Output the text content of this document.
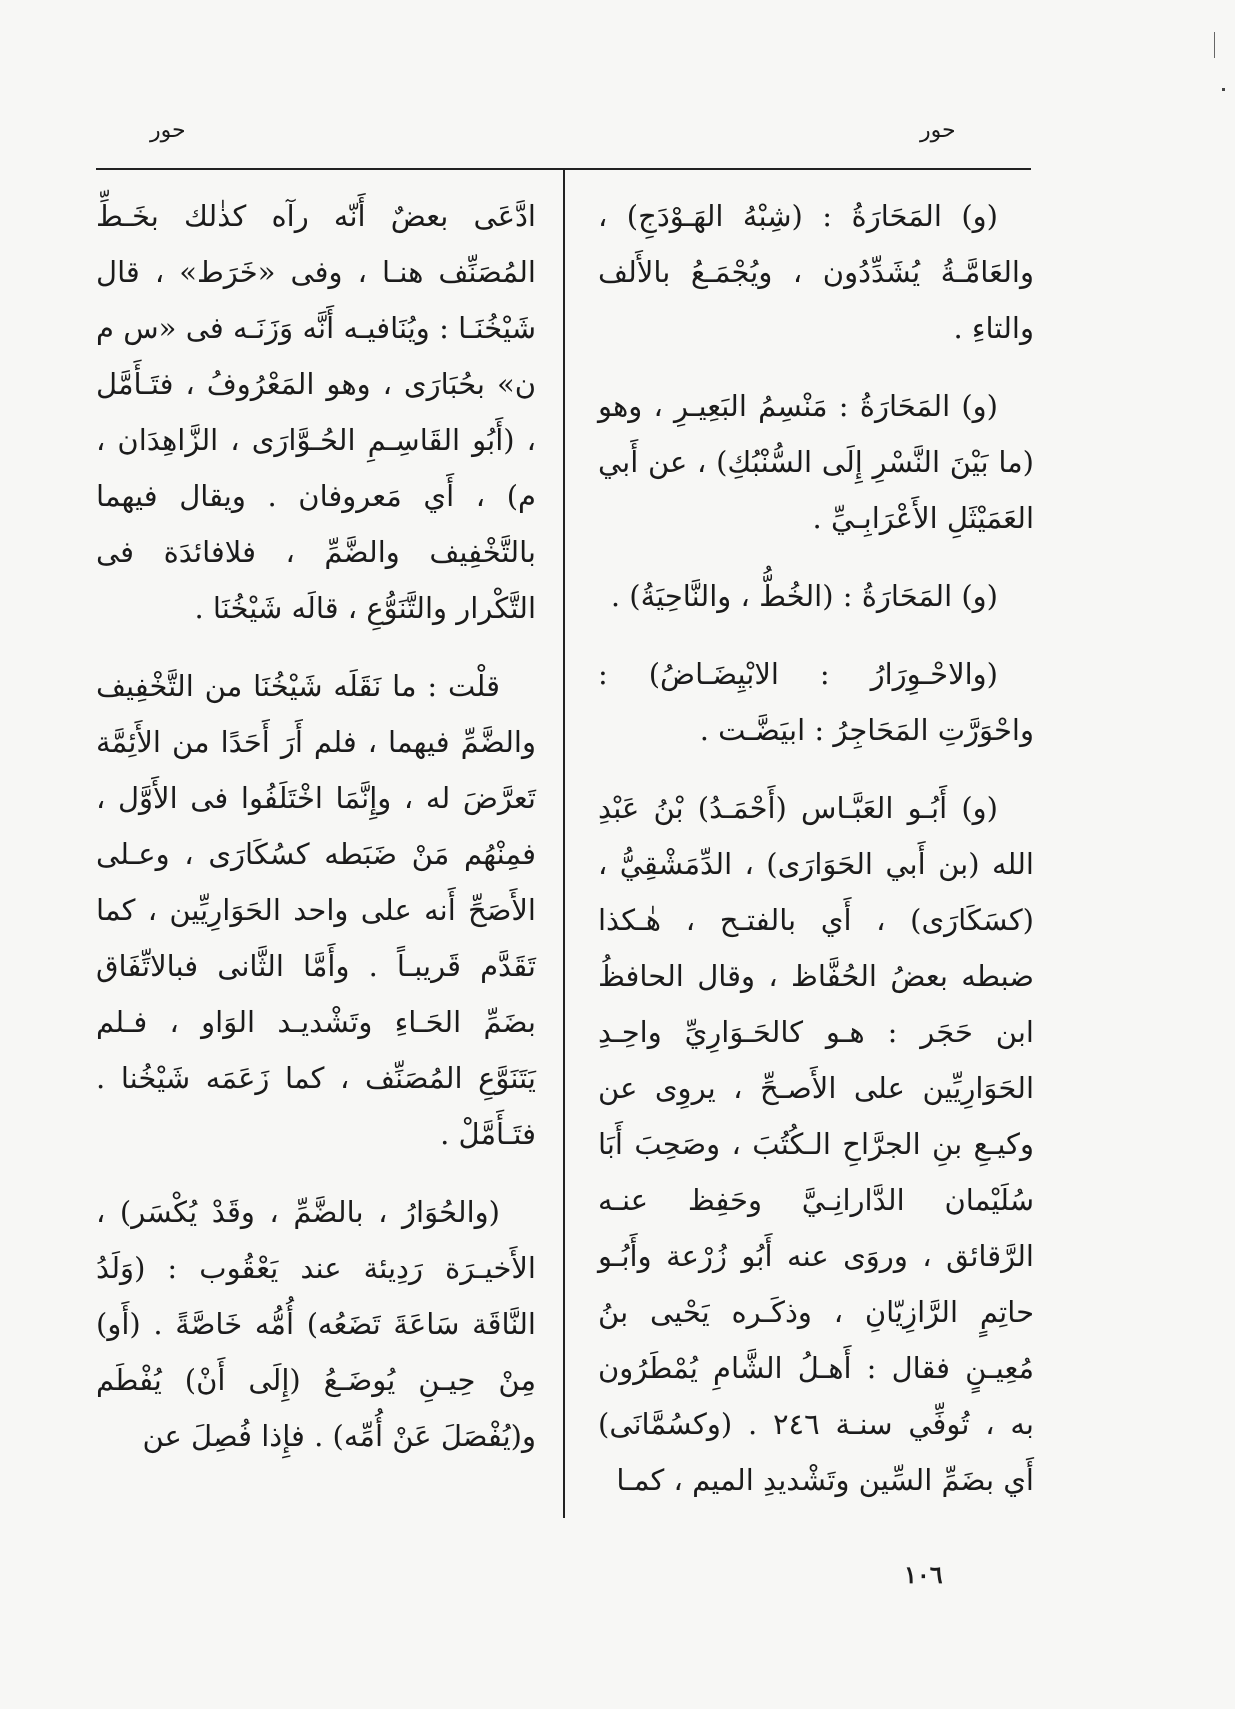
حور
حور

(و) المَحَارَةُ : (شِبْهُ الهَـوْدَجِ) ، والعَامَّـةُ يُشَدِّدُون ، ويُجْمَـعُ بالأَلف والتاءِ .

(و) المَحَارَةُ : مَنْسِمُ البَعِيـرِ ، وهو (ما بَيْنَ النَّسْرِ إِلَى السُّنْبُكِ) ، عن أَبي العَمَيْثَلِ الأَعْرَابِـيِّ .

(و) المَحَارَةُ : (الخُطُّ ، والنَّاحِيَةُ) .

(والاحْـوِرَارُ : الابْيِضَـاضُ) : واحْوَرَّتِ المَحَاجِرُ : ابيَضَّـت .

(و) أَبُـو العَبَّـاس (أَحْمَـدُ) بْنُ عَبْدِ الله (بن أَبي الحَوَارَى) ، الدِّمَشْقِيُّ ، (كسَكَارَى) ، أَي بالفتـح ، هٰـكذا ضبطه بعضُ الحُفَّاظ ، وقال الحافظُ ابن حَجَر : هـو كالحَـوَارِيِّ واحِـدِ الحَوَارِيِّين على الأَصـحِّ ، يروِى عن وكيـعِ بنِ الجرَّاحِ الـكُتُبَ ، وصَحِبَ أَبَا سُلَيْمان الدَّارانِـيَّ وحَفِظ عنـه الرَّقائق ، وروَى عنه أَبُو زُرْعة وأَبُـو حاتِمٍ الرَّازِيّانِ ، وذكَـره يَحْيى بنُ مُعِيـنٍ فقال : أَهـلُ الشَّامِ يُمْطَرُون به ، تُوفِّي سنـة ٢٤٦ . (وكسُمَّانَى) أَي بضَمِّ السِّين وتَشْديدِ الميم ، كمـا

ادَّعَى بعضٌ أَنّه رآه كذٰلك بخَـطِّ المُصَنِّف هنـا ، وفى «خَرَط» ، قال شَيْخُنَـا : ويُنَافيـه أَنَّه وَزَنَـه فى «س م ن» بحُبَارَى ، وهو المَعْرُوفُ ، فتَـأَمَّل ، (أَبُو القَاسِـمِ الحُـوَّارَى ، الزَّاهِدَان ، م) ، أَي مَعروفان . ويقال فيهما بالتَّخْفِيف والضَّمِّ ، فلافائدَة فى التَّكْرار والتَّنَوُّعِ ، قالَه شَيْخُنَا .

قلْت : ما نَقَلَه شَيْخُنَا من التَّخْفِيف والضَّمِّ فيهما ، فلم أَرَ أَحَدًا من الأَئِمَّة تَعرَّضَ له ، وإِنَّمَا اخْتَلَفُوا فى الأَوَّل ، فمِنْهُم مَنْ ضَبَطه كسُكَارَى ، وعـلى الأَصَحِّ أَنه على واحد الحَوَارِيِّين ، كما تَقَدَّم قَريبـاً . وأَمَّا الثَّانى فبالاتِّفَاق بضَمِّ الحَـاءِ وتَشْديـد الوَاو ، فـلم يَتَنَوَّعِ المُصَنِّف ، كما زَعَمَه شَيْخُنا . فتَـأَمَّلْ .

(والحُوَارُ ، بالضَّمِّ ، وقَدْ يُكْسَر) ، الأَخيـرَة رَدِيئة عند يَعْقُوب : (وَلَدُ النَّاقَة سَاعَةَ تَضَعُه) أُمُّه خَاصَّةً . (أَو) مِنْ حِيـنِ يُوضَـعُ (إِلَى أَنْ) يُفْطَم و(يُفْصَلَ عَنْ أُمِّه) . فإِذا فُصِلَ عن

١٠٦
